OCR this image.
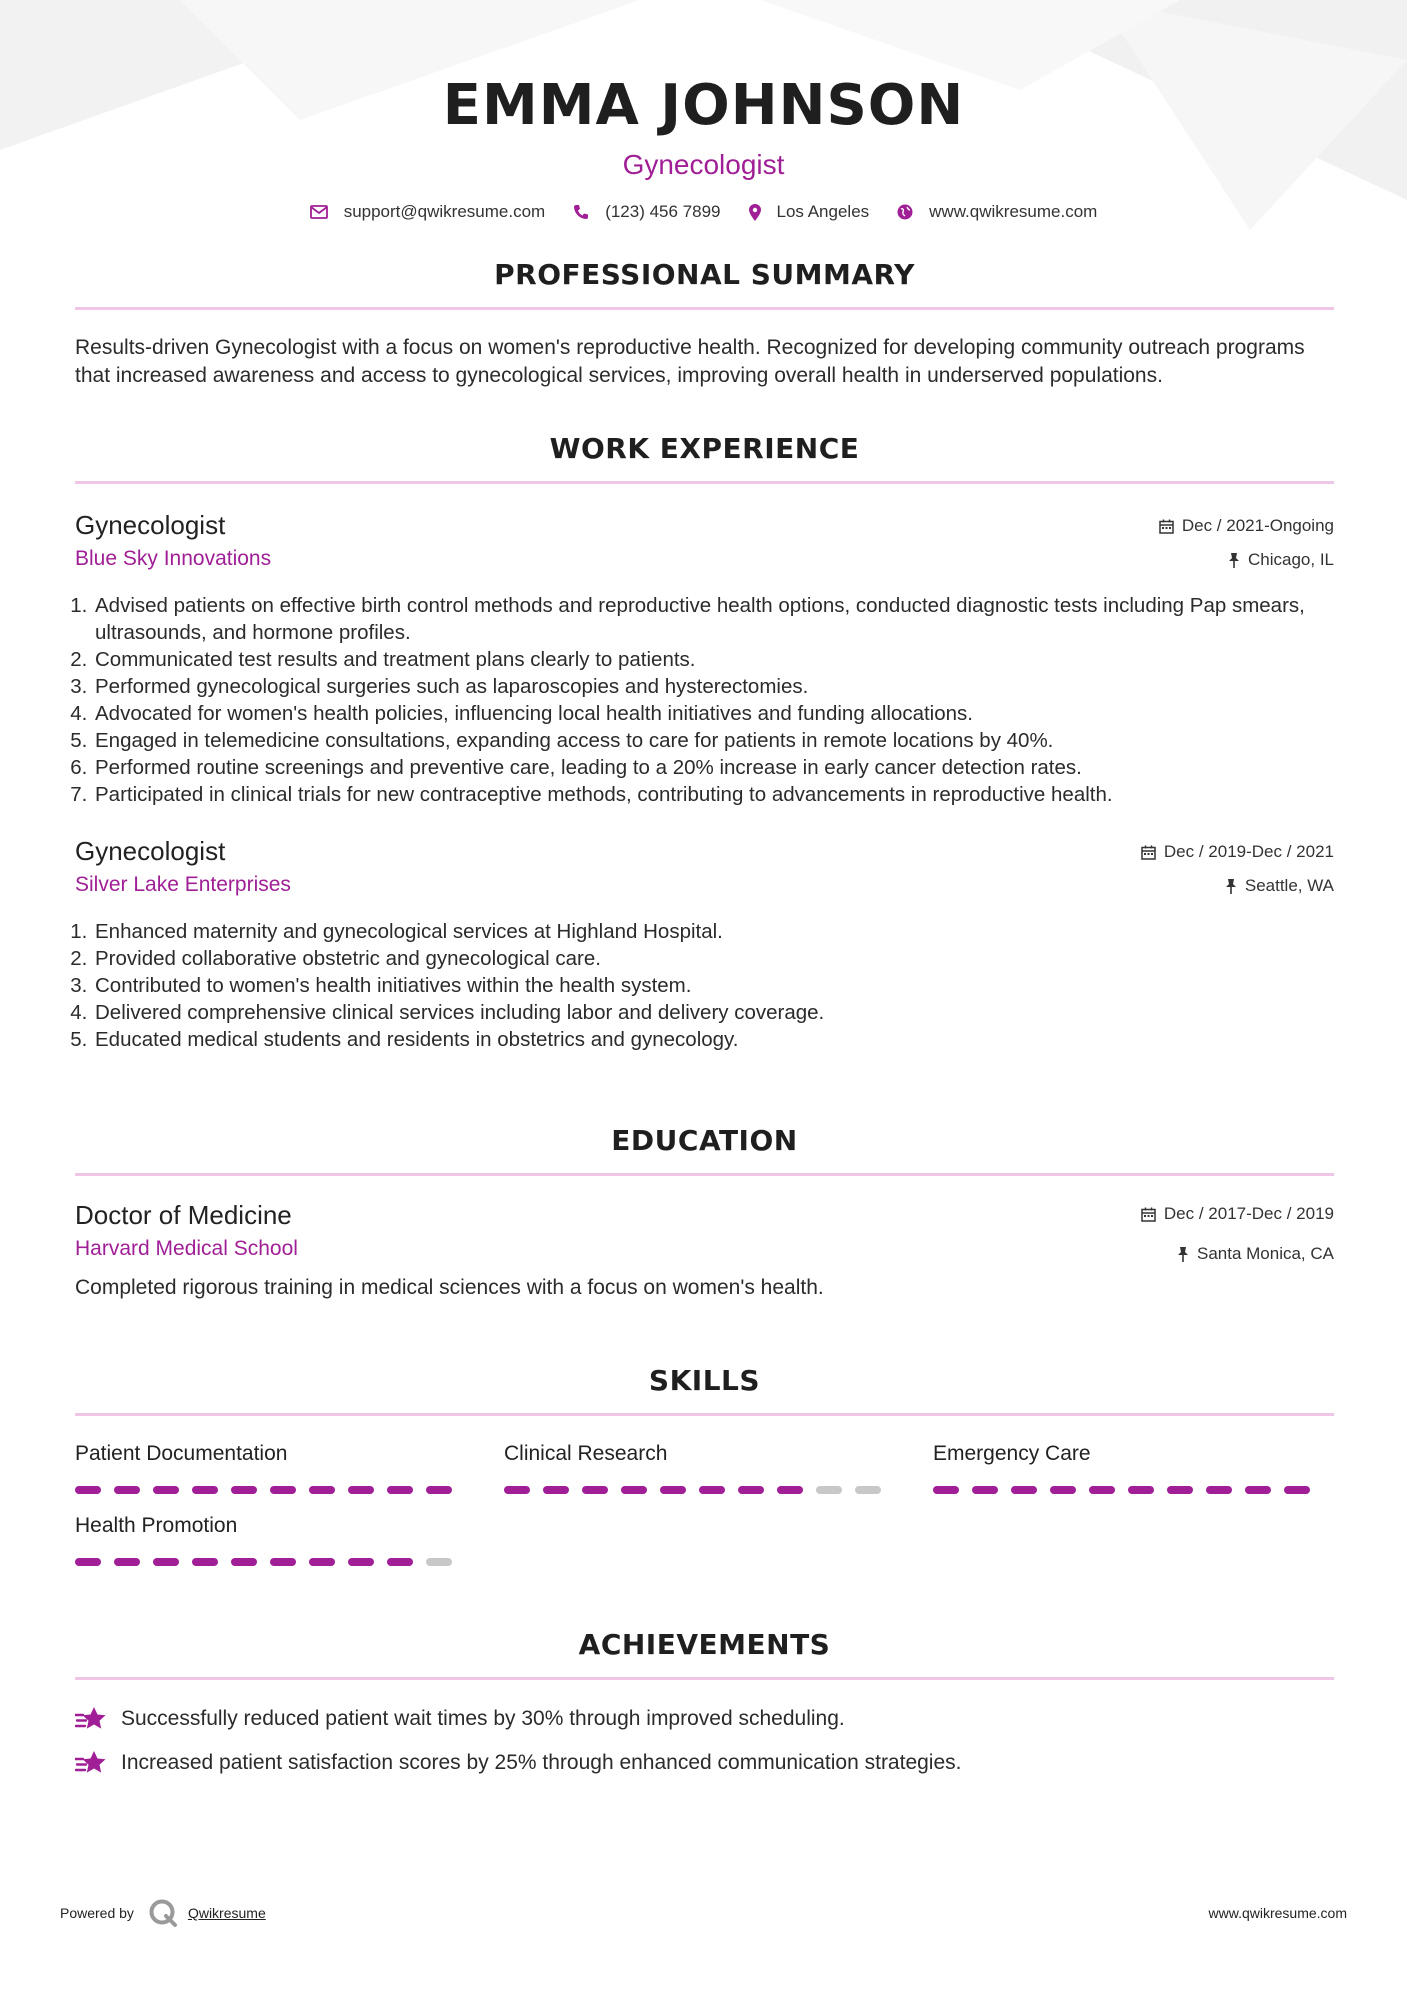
EMMA JOHNSON
Gynecologist
support@qwikresume.com	(123) 456 7899	Los Angeles	www.qwikresume.com
PROFESSIONAL SUMMARY

Results-driven Gynecologist with a focus on women's reproductive health. Recognized for developing community outreach programs that increased awareness and access to gynecological services, improving overall health in underserved populations.

WORK EXPERIENCE
Gynecologist
Blue Sky Innovations
Dec / 2021-Ongoing
Chicago, IL
1. Advised patients on effective birth control methods and reproductive health options, conducted diagnostic tests including Pap smears, ultrasounds, and hormone profiles.
2. Communicated test results and treatment plans clearly to patients.
3. Performed gynecological surgeries such as laparoscopies and hysterectomies.
4. Advocated for women's health policies, influencing local health initiatives and funding allocations.
5. Engaged in telemedicine consultations, expanding access to care for patients in remote locations by 40%.
6. Performed routine screenings and preventive care, leading to a 20% increase in early cancer detection rates.
7. Participated in clinical trials for new contraceptive methods, contributing to advancements in reproductive health.
Gynecologist
Silver Lake Enterprises
Dec / 2019-Dec / 2021
Seattle, WA
1. Enhanced maternity and gynecological services at Highland Hospital.
2. Provided collaborative obstetric and gynecological care.
3. Contributed to women's health initiatives within the health system.
4. Delivered comprehensive clinical services including labor and delivery coverage.
5. Educated medical students and residents in obstetrics and gynecology.
EDUCATION
Doctor of Medicine
Harvard Medical School
Dec / 2017-Dec / 2019
Santa Monica, CA

Completed rigorous training in medical sciences with a focus on women's health.

SKILLS
Patient Documentation	Clinical Research	Emergency Care
Health Promotion
ACHIEVEMENTS
Successfully reduced patient wait times by 30% through improved scheduling.
Increased patient satisfaction scores by 25% through enhanced communication strategies.
Powered by	Qwikresume	www.qwikresume.com
